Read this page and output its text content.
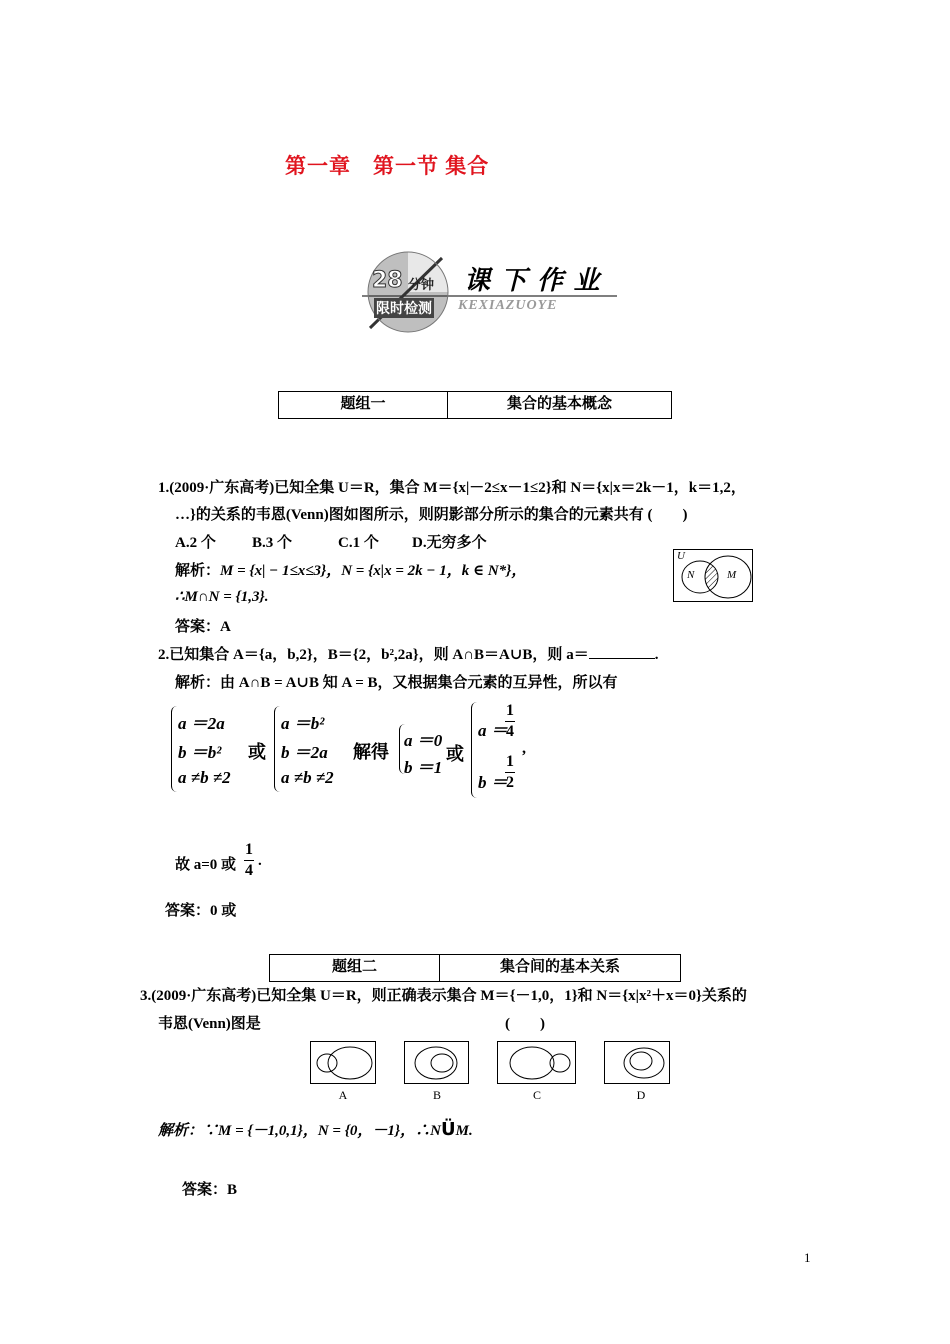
第一章　第一节 集合
28 分钟
限时检测
课 下 作 业
KEXIAZUOYE
题组一	集合的基本概念
1.(2009·广东高考)已知全集 U＝R，集合 M＝{x|－2≤x－1≤2}和 N＝{x|x＝2k－1，k＝1,2，
…}的关系的韦恩(Venn)图如图所示，则阴影部分所示的集合的元素共有 (　　)
A.2 个 B.3 个	C.1 个 D.无穷多个
解析：M = {x| − 1≤x≤3}，N = {x|x = 2k − 1，k ∈ N*}，
∴M∩N = {1,3}.
答案：A
U
N	M
2.已知集合 A＝{a，b,2}，B＝{2，b²,2a}，则 A∩B＝A∪B，则 a＝	.
解析：由 A∩B = A∪B 知 A = B，又根据集合元素的互异性，所以有
a ＝2a
b ＝b²
a ≠b ≠2
或
a ＝b²
b ＝2a
a ≠b ≠2
解得
a ＝0
b ＝1
或
a ＝
$\frac{1}{4}$
,
b ＝
$\frac{1}{2}$
故 a=0 或 $\frac{1}{4}$ .
答案：0 或
题组二	集合间的基本关系
3.(2009·广东高考)已知全集 U＝R，则正确表示集合 M＝{－1,0，1}和 N＝{x|x²＋x＝0}关系的
韦恩(Venn)图是	(　　)
A	B	C	D
解析：∵M = {－1,0,1}，N = {0，－1}，∴NÜM.
答案：B
1
